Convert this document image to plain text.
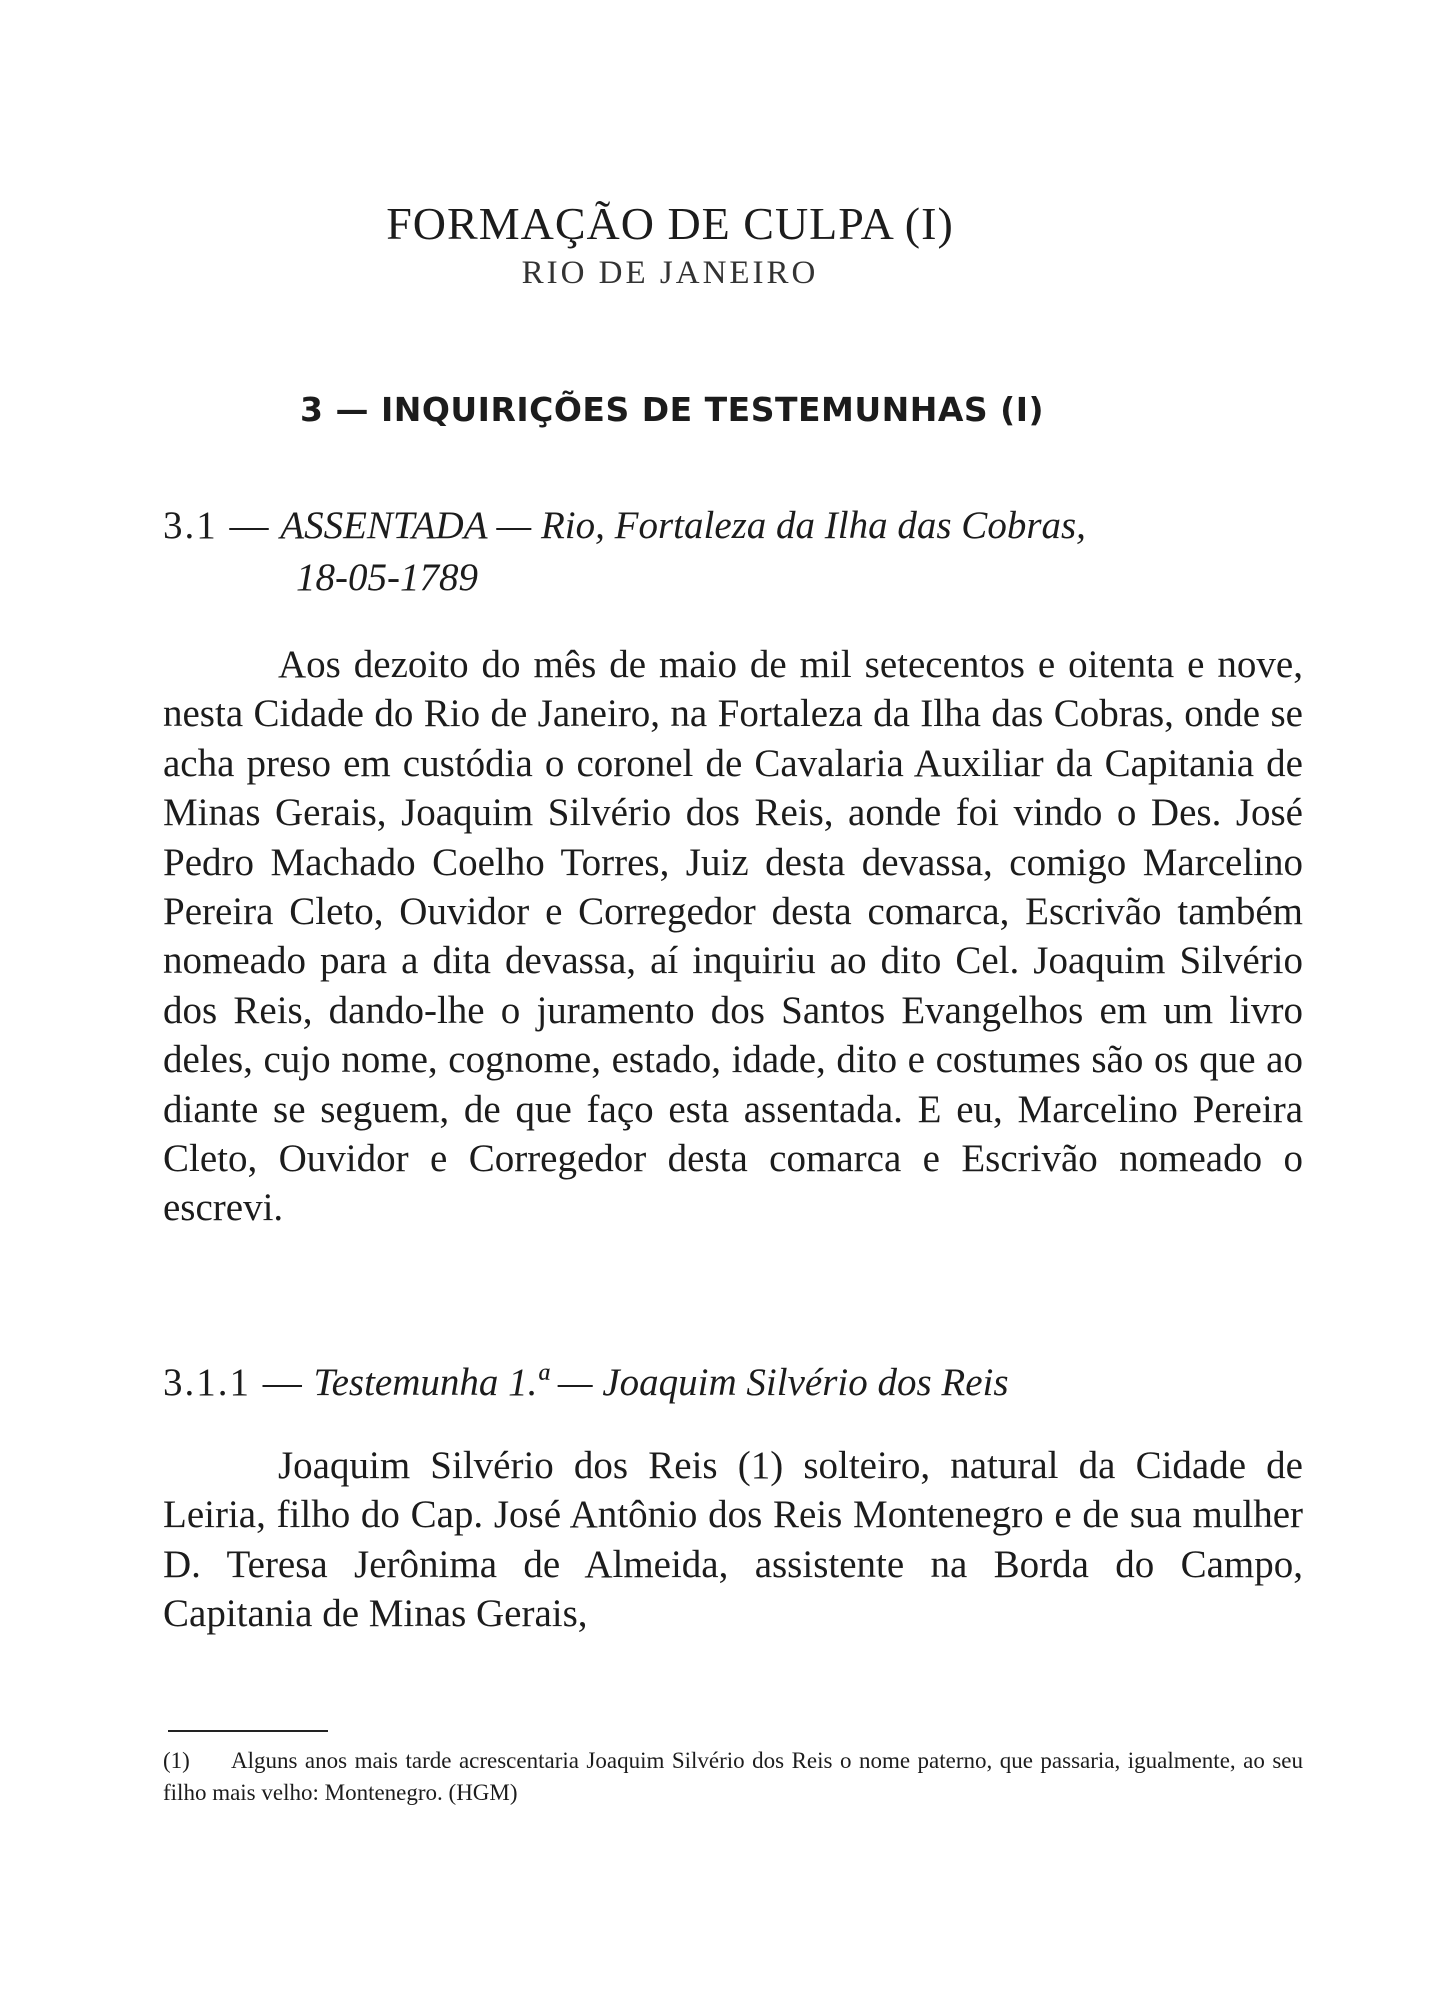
FORMAÇÃO DE CULPA (I)
RIO DE JANEIRO
3 — INQUIRIÇÕES DE TESTEMUNHAS (I)
3.1 — ASSENTADA — Rio, Fortaleza da Ilha das Cobras,
18-05-1789

Aos dezoito do mês de maio de mil setecentos e oitenta e nove, nesta Cidade do Rio de Janeiro, na Fortaleza da Ilha das Cobras, onde se acha preso em custódia o coronel de Cavalaria Auxiliar da Capitania de Minas Gerais, Joaquim Silvério dos Reis, aonde foi vindo o Des. José Pedro Machado Coelho Torres, Juiz desta devassa, comigo Marcelino Pereira Cleto, Ouvidor e Corregedor desta comarca, Escrivão também nomeado para a dita devassa, aí inquiriu ao dito Cel. Joaquim Silvério dos Reis, dando-lhe o juramento dos Santos Evangelhos em um livro deles, cujo nome, cognome, estado, idade, dito e costumes são os que ao diante se seguem, de que faço esta assentada. E eu, Marcelino Pereira Cleto, Ouvidor e Corregedor desta comarca e Escrivão nomeado o escrevi.

3.1.1 — Testemunha 1.ª — Joaquim Silvério dos Reis

Joaquim Silvério dos Reis (1) solteiro, natural da Cidade de Leiria, filho do Cap. José Antônio dos Reis Montenegro e de sua mulher D. Teresa Jerônima de Almeida, assistente na Borda do Campo, Capitania de Minas Gerais,

(1) Alguns anos mais tarde acrescentaria Joaquim Silvério dos Reis o nome paterno, que passaria, igualmente, ao seu filho mais velho: Montenegro. (HGM)
